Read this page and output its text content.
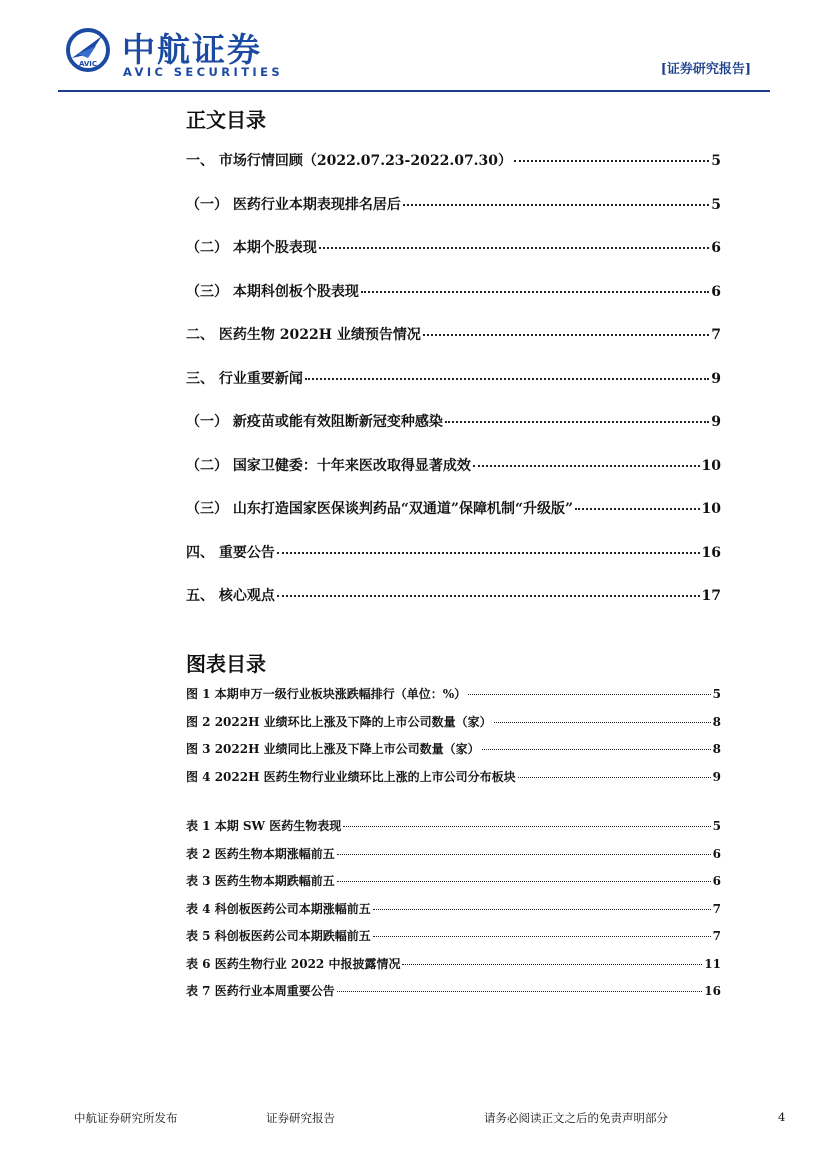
AVIC 中航证券
AVIC SECURITIES	[证券研究报告]
正文目录
一、 市场行情回顾（2022.07.23-2022.07.30）	5
（一） 医药行业本期表现排名居后	5
（二） 本期个股表现	6
（三） 本期科创板个股表现	6
二、 医药生物 2022H 业绩预告情况	7
三、 行业重要新闻	9
（一） 新疫苗或能有效阻断新冠变种感染	9
（二） 国家卫健委：十年来医改取得显著成效	10
（三） 山东打造国家医保谈判药品“双通道”保障机制“升级版”	10
四、 重要公告	16
五、 核心观点	17
图表目录
图 1 本期申万一级行业板块涨跌幅排行（单位：%）	5
图 2 2022H 业绩环比上涨及下降的上市公司数量（家）	8
图 3 2022H 业绩同比上涨及下降上市公司数量（家）	8
图 4 2022H 医药生物行业业绩环比上涨的上市公司分布板块	9
表 1 本期 SW 医药生物表现	5
表 2 医药生物本期涨幅前五	6
表 3 医药生物本期跌幅前五	6
表 4 科创板医药公司本期涨幅前五	7
表 5 科创板医药公司本期跌幅前五	7
表 6 医药生物行业 2022 中报披露情况	11
表 7 医药行业本周重要公告	16
中航证券研究所发布	证券研究报告	请务必阅读正文之后的免责声明部分	4
